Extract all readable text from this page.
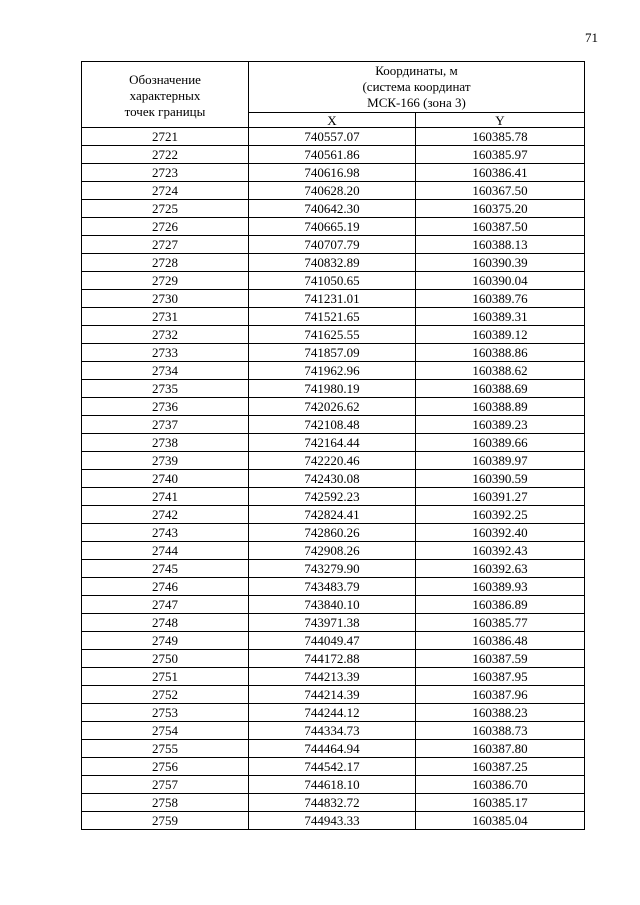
71
Обозначение
характерных
точек границы	Координаты, м
(система координат
МСК-166 (зона 3)	
	X	Y
2721	740557.07	160385.78
2722	740561.86	160385.97
2723	740616.98	160386.41
2724	740628.20	160367.50
2725	740642.30	160375.20
2726	740665.19	160387.50
2727	740707.79	160388.13
2728	740832.89	160390.39
2729	741050.65	160390.04
2730	741231.01	160389.76
2731	741521.65	160389.31
2732	741625.55	160389.12
2733	741857.09	160388.86
2734	741962.96	160388.62
2735	741980.19	160388.69
2736	742026.62	160388.89
2737	742108.48	160389.23
2738	742164.44	160389.66
2739	742220.46	160389.97
2740	742430.08	160390.59
2741	742592.23	160391.27
2742	742824.41	160392.25
2743	742860.26	160392.40
2744	742908.26	160392.43
2745	743279.90	160392.63
2746	743483.79	160389.93
2747	743840.10	160386.89
2748	743971.38	160385.77
2749	744049.47	160386.48
2750	744172.88	160387.59
2751	744213.39	160387.95
2752	744214.39	160387.96
2753	744244.12	160388.23
2754	744334.73	160388.73
2755	744464.94	160387.80
2756	744542.17	160387.25
2757	744618.10	160386.70
2758	744832.72	160385.17
2759	744943.33	160385.04
